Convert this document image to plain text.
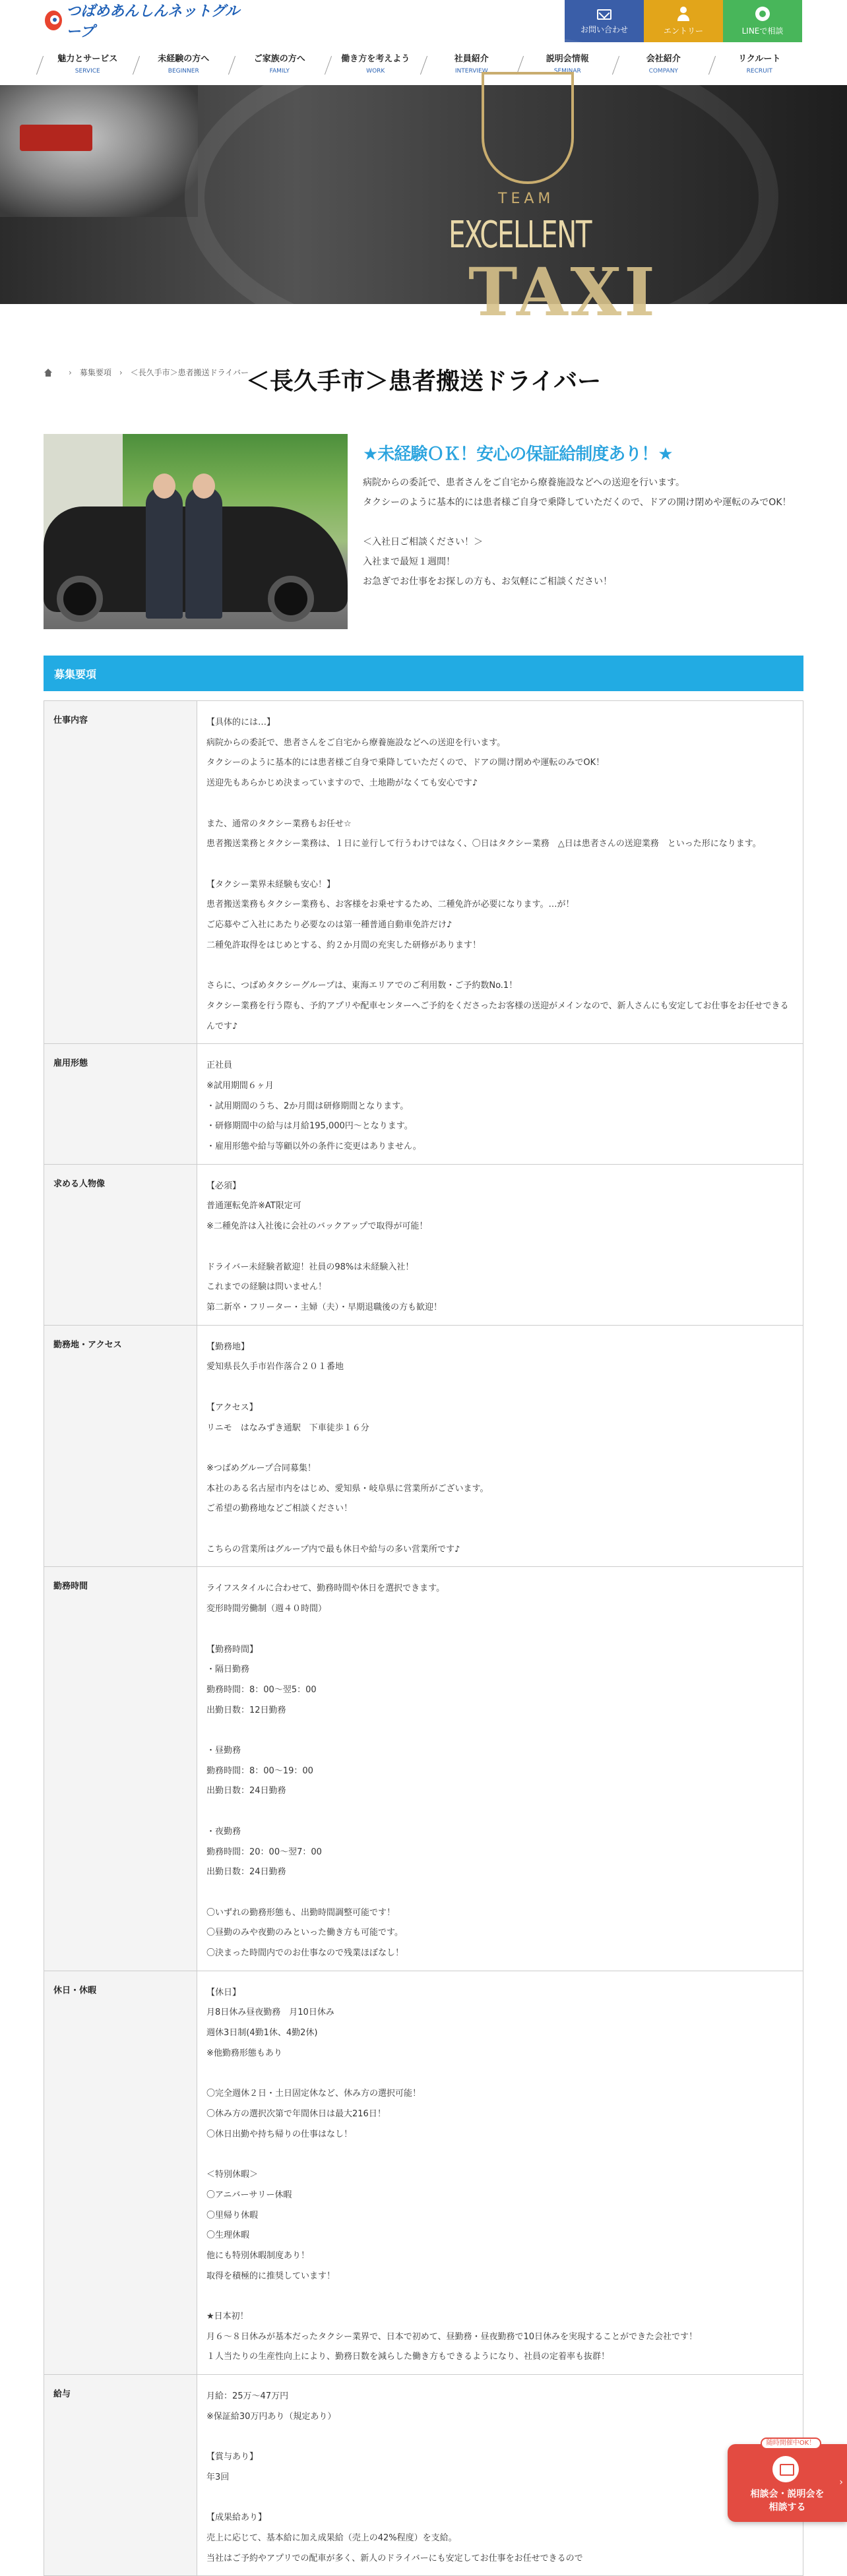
つばめあんしんネットグループ	お問い合わせ	エントリー	LINEで相談
魅力とサービス
SERVICE
未経験の方へ
BEGINNER
ご家族の方へ
FAMILY
働き方を考えよう
WORK
社員紹介
INTERVIEW
説明会情報
SEMINAR
会社紹介
COMPANY
リクルート
RECRUIT
TEAM
EXCELLENT
TAXI
› 募集要項 › ＜長久手市＞患者搬送ドライバー
＜長久手市＞患者搬送ドライバー
★未経験ＯＫ！安心の保証給制度あり！★
病院からの委託で、患者さんをご自宅から療養施設などへの送迎を行います。
タクシーのように基本的には患者様ご自身で乗降していただくので、ドアの開け閉めや運転のみでOK！

＜入社日ご相談ください！＞
入社まで最短１週間！
お急ぎでお仕事をお探しの方も、お気軽にご相談ください！
募集要項
仕事内容	【具体的には…】
病院からの委託で、患者さんをご自宅から療養施設などへの送迎を行います。
タクシーのように基本的には患者様ご自身で乗降していただくので、ドアの開け閉めや運転のみでOK！
送迎先もあらかじめ決まっていますので、土地勘がなくても安心です♪

また、通常のタクシー業務もお任せ☆
患者搬送業務とタクシー業務は、１日に並行して行うわけではなく、〇日はタクシー業務　△日は患者さんの送迎業務　といった形になります。

【タクシー業界未経験も安心！】
患者搬送業務もタクシー業務も、お客様をお乗せするため、二種免許が必要になります。…が！
ご応募やご入社にあたり必要なのは第一種普通自動車免許だけ♪
二種免許取得をはじめとする、約２か月間の充実した研修があります！

さらに、つばめタクシーグループは、東海エリアでのご利用数・ご予約数No.1！
タクシー業務を行う際も、予約アプリや配車センターへご予約をくださったお客様の送迎がメインなので、新人さんにも安定してお仕事をお任せできるんです♪
雇用形態	正社員
※試用期間６ヶ月
・試用期間のうち、2か月間は研修期間となります。
・研修期間中の給与は月給195,000円〜となります。
・雇用形態や給与等顧以外の条件に変更はありません。
求める人物像	【必須】
普通運転免許※AT限定可
※二種免許は入社後に会社のバックアップで取得が可能！

ドライバー未経験者歓迎！社員の98%は未経験入社！
これまでの経験は問いません！
第二新卒・フリーター・主婦（夫）・早期退職後の方も歓迎！
勤務地・アクセス	【勤務地】
愛知県長久手市岩作落合２０１番地

【アクセス】
リニモ　はなみずき通駅　下車徒歩１６分

※つばめグループ合同募集！
本社のある名古屋市内をはじめ、愛知県・岐阜県に営業所がございます。
ご希望の勤務地などご相談ください！

こちらの営業所はグループ内で最も休日や給与の多い営業所です♪
勤務時間	ライフスタイルに合わせて、勤務時間や休日を選択できます。
変形時間労働制（週４０時間）

【勤務時間】
・隔日勤務
勤務時間：8：00〜翌5：00
出勤日数：12日勤務

・昼勤務
勤務時間：8：00〜19：00
出勤日数：24日勤務

・夜勤務
勤務時間：20：00〜翌7：00
出勤日数：24日勤務

〇いずれの勤務形態も、出勤時間調整可能です！
〇昼勤のみや夜勤のみといった働き方も可能です。
〇決まった時間内でのお仕事なので残業ほぼなし！
休日・休暇	【休日】
月8日休み昼夜勤務　月10日休み
週休3日制(4勤1休、4勤2休)
※他勤務形態もあり

〇完全週休２日・土日固定休など、休み方の選択可能！
〇休み方の選択次第で年間休日は最大216日！
〇休日出勤や持ち帰りの仕事はなし！

＜特別休暇＞
〇アニバーサリー休暇
〇里帰り休暇
〇生理休暇
他にも特別休暇制度あり！
取得を積極的に推奨しています！

★日本初！
月６〜８日休みが基本だったタクシー業界で、日本で初めて、昼勤務・昼夜勤務で10日休みを実現することができた会社です！
１人当たりの生産性向上により、勤務日数を減らした働き方もできるようになり、社員の定着率も抜群！
給与	月給：25万〜47万円
※保証給30万円あり（規定あり）

【賞与あり】
年3回

【成果給あり】
売上に応じて、基本給に加え成果給（売上の42%程度）を支給。
当社はご予約やアプリでの配車が多く、新人のドライバーにも安定してお仕事をお任せできるので
相談会・説明会を
相談する
›
随時開催中OK！
